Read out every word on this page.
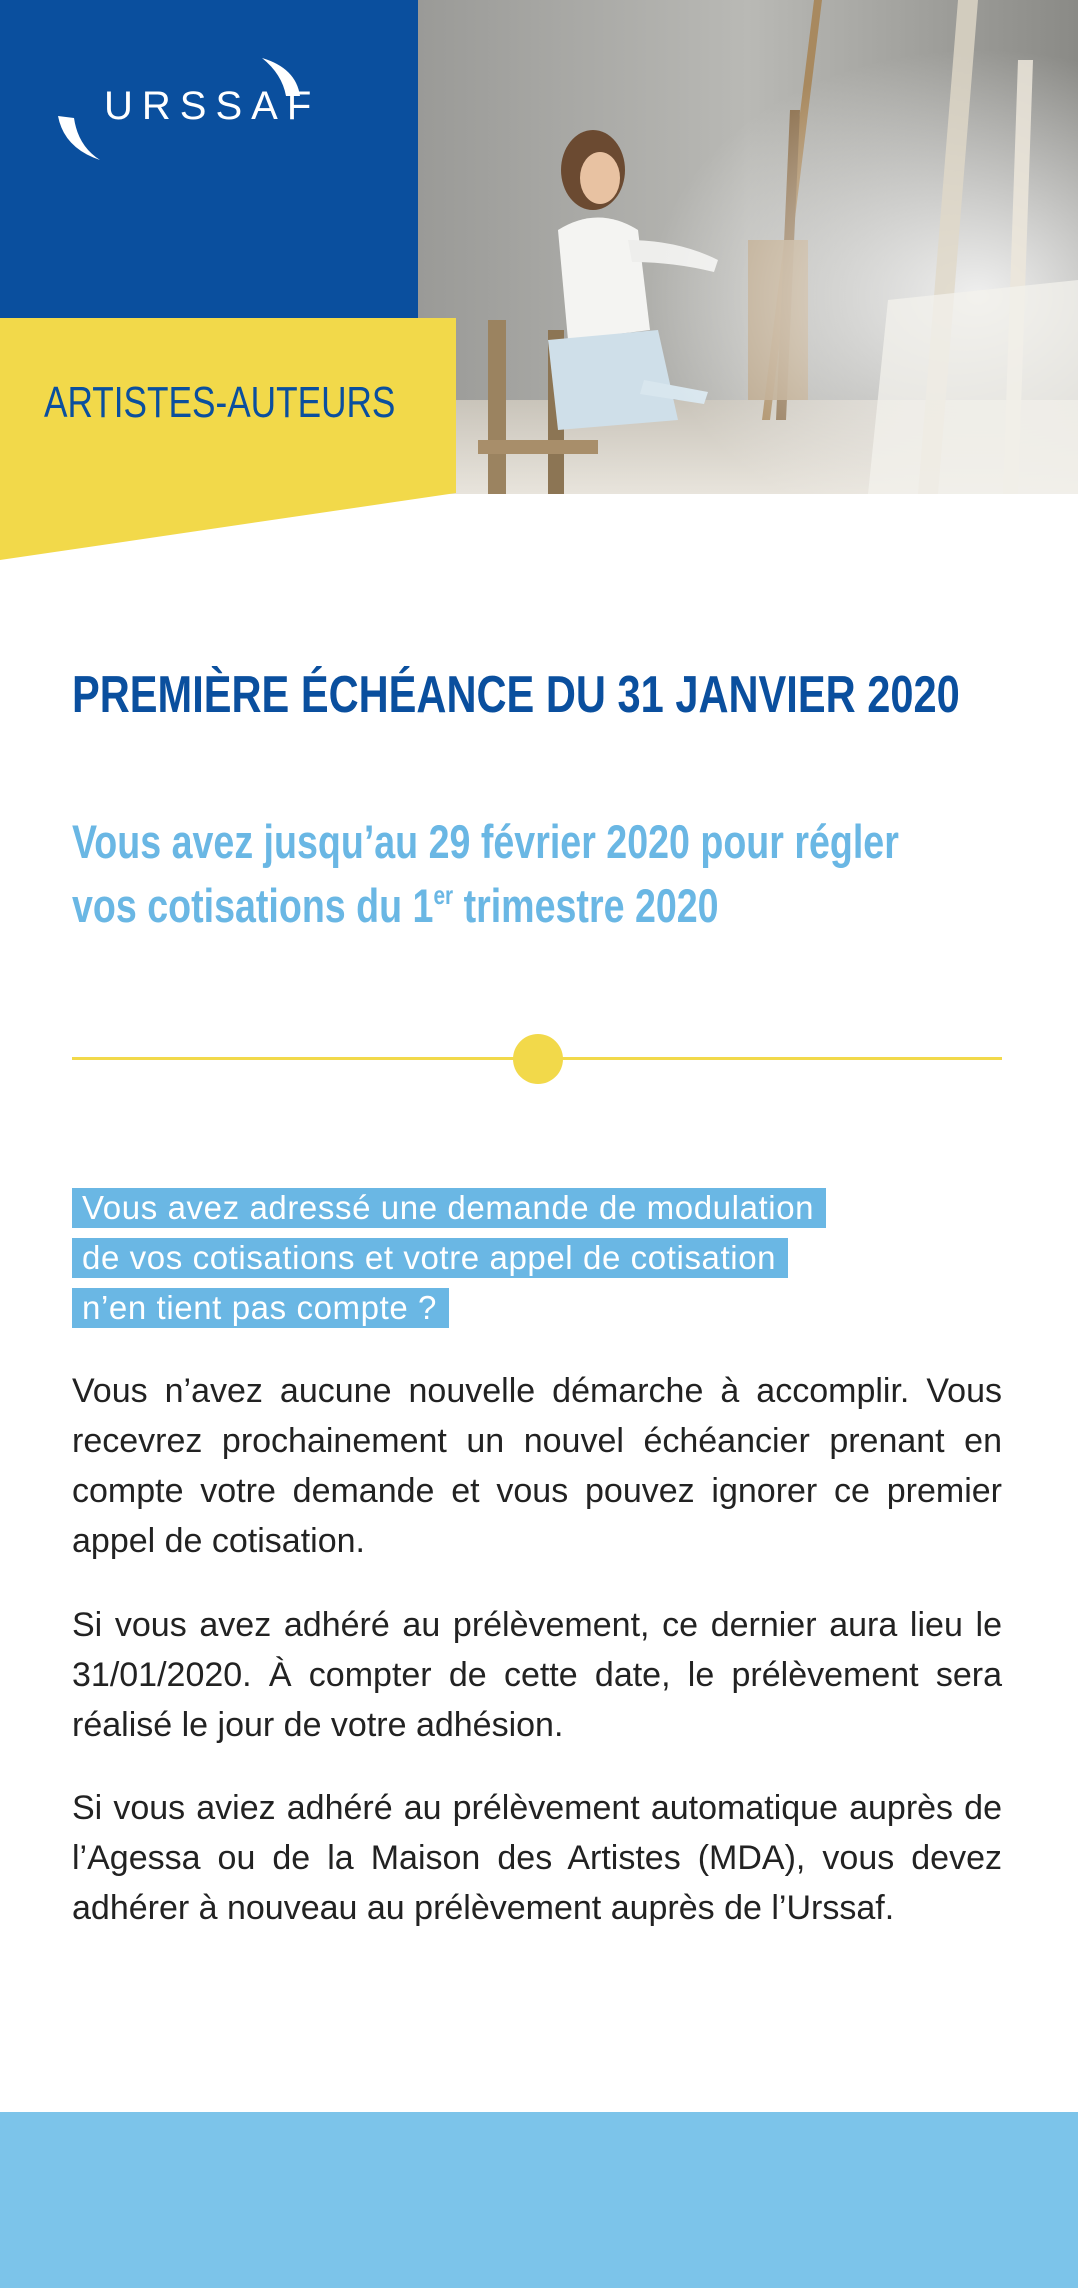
URSSAF
ARTISTES-AUTEURS
PREMIÈRE ÉCHÉANCE DU 31 JANVIER 2020
Vous avez jusqu’au 29 février 2020 pour régler
vos cotisations du 1er trimestre 2020
Vous avez adressé une demande de modulation
de vos cotisations et votre appel de cotisation
n’en tient pas compte ?

Vous n’avez aucune nouvelle démarche à accomplir. Vous recevrez prochainement un nouvel échéancier prenant en compte votre demande et vous pouvez ignorer ce premier appel de cotisation.

Si vous avez adhéré au prélèvement, ce dernier aura lieu le 31/01/2020. À compter de cette date, le prélèvement sera réalisé le jour de votre adhésion.

Si vous aviez adhéré au prélèvement automatique auprès de l’Agessa ou de la Maison des Artistes (MDA), vous devez adhérer à nouveau au prélèvement auprès de l’Urssaf.
